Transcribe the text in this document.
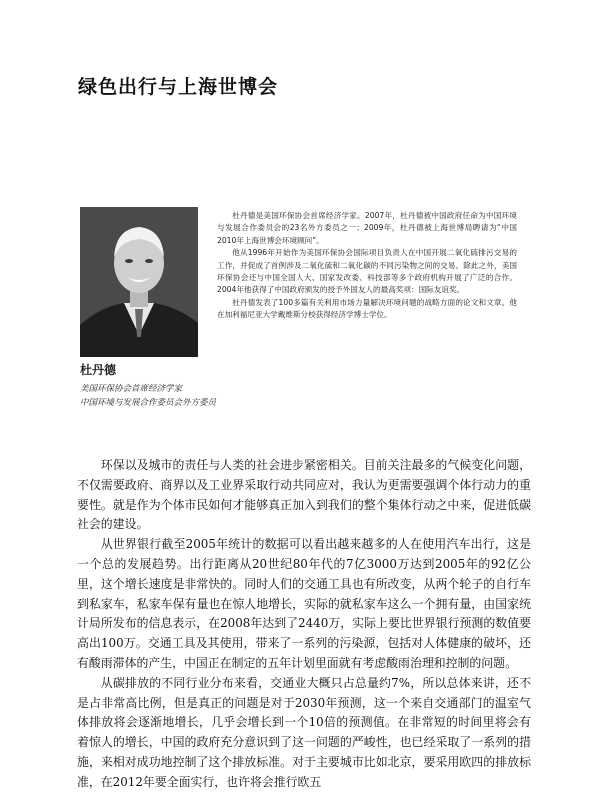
绿色出行与上海世博会
杜丹德
美国环保协会首席经济学家
中国环境与发展合作委员会外方委员

杜丹德是美国环保协会首席经济学家。2007年，杜丹德被中国政府任命为中国环境与发展合作委员会的23名外方委员之一；2009年，杜丹德被上海世博局聘请为“中国2010年上海世博会环境顾问”。

他从1996年开始作为美国环保协会国际项目负责人在中国开展二氧化硫排污交易的工作，并促成了首例涉及二氧化硫和二氧化碳的不同污染物之间的交易。除此之外，美国环保协会还与中国全国人大、国家发改委、科技部等多个政府机构开展了广泛的合作。2004年他获得了中国政府颁发的授予外国友人的最高奖项：国际友谊奖。

杜丹德发表了100多篇有关利用市场力量解决环境问题的战略方面的论文和文章。他在加利福尼亚大学戴维斯分校获得经济学博士学位。

环保以及城市的责任与人类的社会进步紧密相关。目前关注最多的气候变化问题，不仅需要政府、商界以及工业界采取行动共同应对，我认为更需要强调个体行动力的重要性。就是作为个体市民如何才能够真正加入到我们的整个集体行动之中来，促进低碳社会的建设。

从世界银行截至2005年统计的数据可以看出越来越多的人在使用汽车出行，这是一个总的发展趋势。出行距离从20世纪80年代的7亿3000万达到2005年的92亿公里，这个增长速度是非常快的。同时人们的交通工具也有所改变，从两个轮子的自行车到私家车，私家车保有量也在惊人地增长，实际的就私家车这么一个拥有量，由国家统计局所发布的信息表示，在2008年达到了2440万，实际上要比世界银行预测的数值要高出100万。交通工具及其使用，带来了一系列的污染源，包括对人体健康的破坏，还有酸雨滞体的产生，中国正在制定的五年计划里面就有考虑酸雨治理和控制的问题。

从碳排放的不同行业分布来看，交通业大概只占总量约7%，所以总体来讲，还不是占非常高比例，但是真正的问题是对于2030年预测，这一个来自交通部门的温室气体排放将会逐渐地增长，几乎会增长到一个10倍的预测值。在非常短的时间里将会有着惊人的增长，中国的政府充分意识到了这一问题的严峻性，也已经采取了一系列的措施，来相对成功地控制了这个排放标准。对于主要城市比如北京，要采用欧四的排放标准，在2012年要全面实行，也许将会推行欧五
